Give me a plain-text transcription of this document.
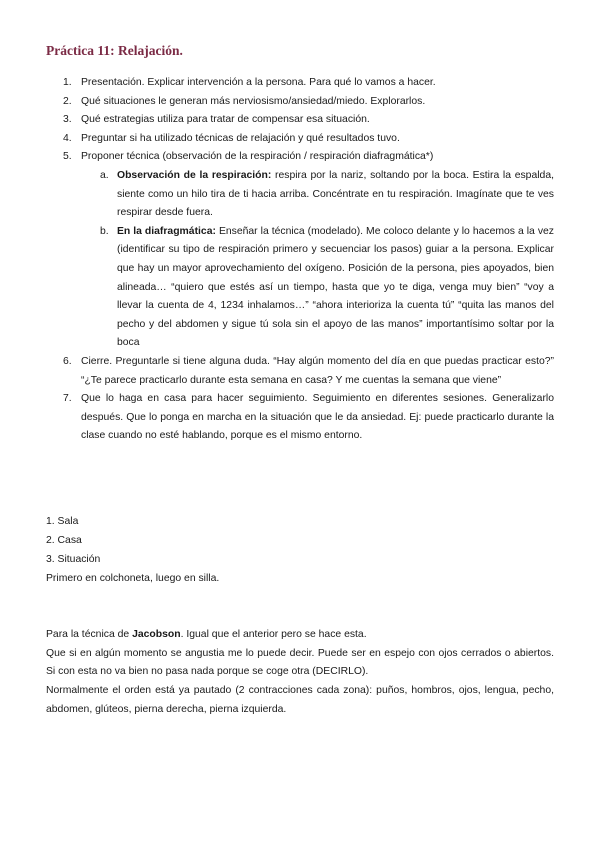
Práctica 11: Relajación.
1. Presentación. Explicar intervención a la persona. Para qué lo vamos a hacer.
2. Qué situaciones le generan más nerviosismo/ansiedad/miedo. Explorarlos.
3. Qué estrategias utiliza para tratar de compensar esa situación.
4. Preguntar si ha utilizado técnicas de relajación y qué resultados tuvo.
5. Proponer técnica (observación de la respiración / respiración diafragmática*)
a. Observación de la respiración: respira por la nariz, soltando por la boca. Estira la espalda, siente como un hilo tira de ti hacia arriba. Concéntrate en tu respiración. Imagínate que te ves respirar desde fuera.
b. En la diafragmática: Enseñar la técnica (modelado). Me coloco delante y lo hacemos a la vez (identificar su tipo de respiración primero y secuenciar los pasos) guiar a la persona. Explicar que hay un mayor aprovechamiento del oxígeno. Posición de la persona, pies apoyados, bien alineada… “quiero que estés así un tiempo, hasta que yo te diga, venga muy bien” “voy a llevar la cuenta de 4, 1234 inhalamos…” “ahora interioriza la cuenta tú” “quita las manos del pecho y del abdomen y sigue tú sola sin el apoyo de las manos” importantísimo soltar por la boca
6. Cierre. Preguntarle si tiene alguna duda. “Hay algún momento del día en que puedas practicar esto?” “¿Te parece practicarlo durante esta semana en casa? Y me cuentas la semana que viene”
7. Que lo haga en casa para hacer seguimiento. Seguimiento en diferentes sesiones. Generalizarlo después. Que lo ponga en marcha en la situación que le da ansiedad. Ej: puede practicarlo durante la clase cuando no esté hablando, porque es el mismo entorno.
1. Sala
2. Casa
3. Situación
Primero en colchoneta, luego en silla.
Para la técnica de Jacobson. Igual que el anterior pero se hace esta.
Que si en algún momento se angustia me lo puede decir. Puede ser en espejo con ojos cerrados o abiertos. Si con esta no va bien no pasa nada porque se coge otra (DECIRLO).
Normalmente el orden está ya pautado (2 contracciones cada zona): puños, hombros, ojos, lengua, pecho, abdomen, glúteos, pierna derecha, pierna izquierda.
